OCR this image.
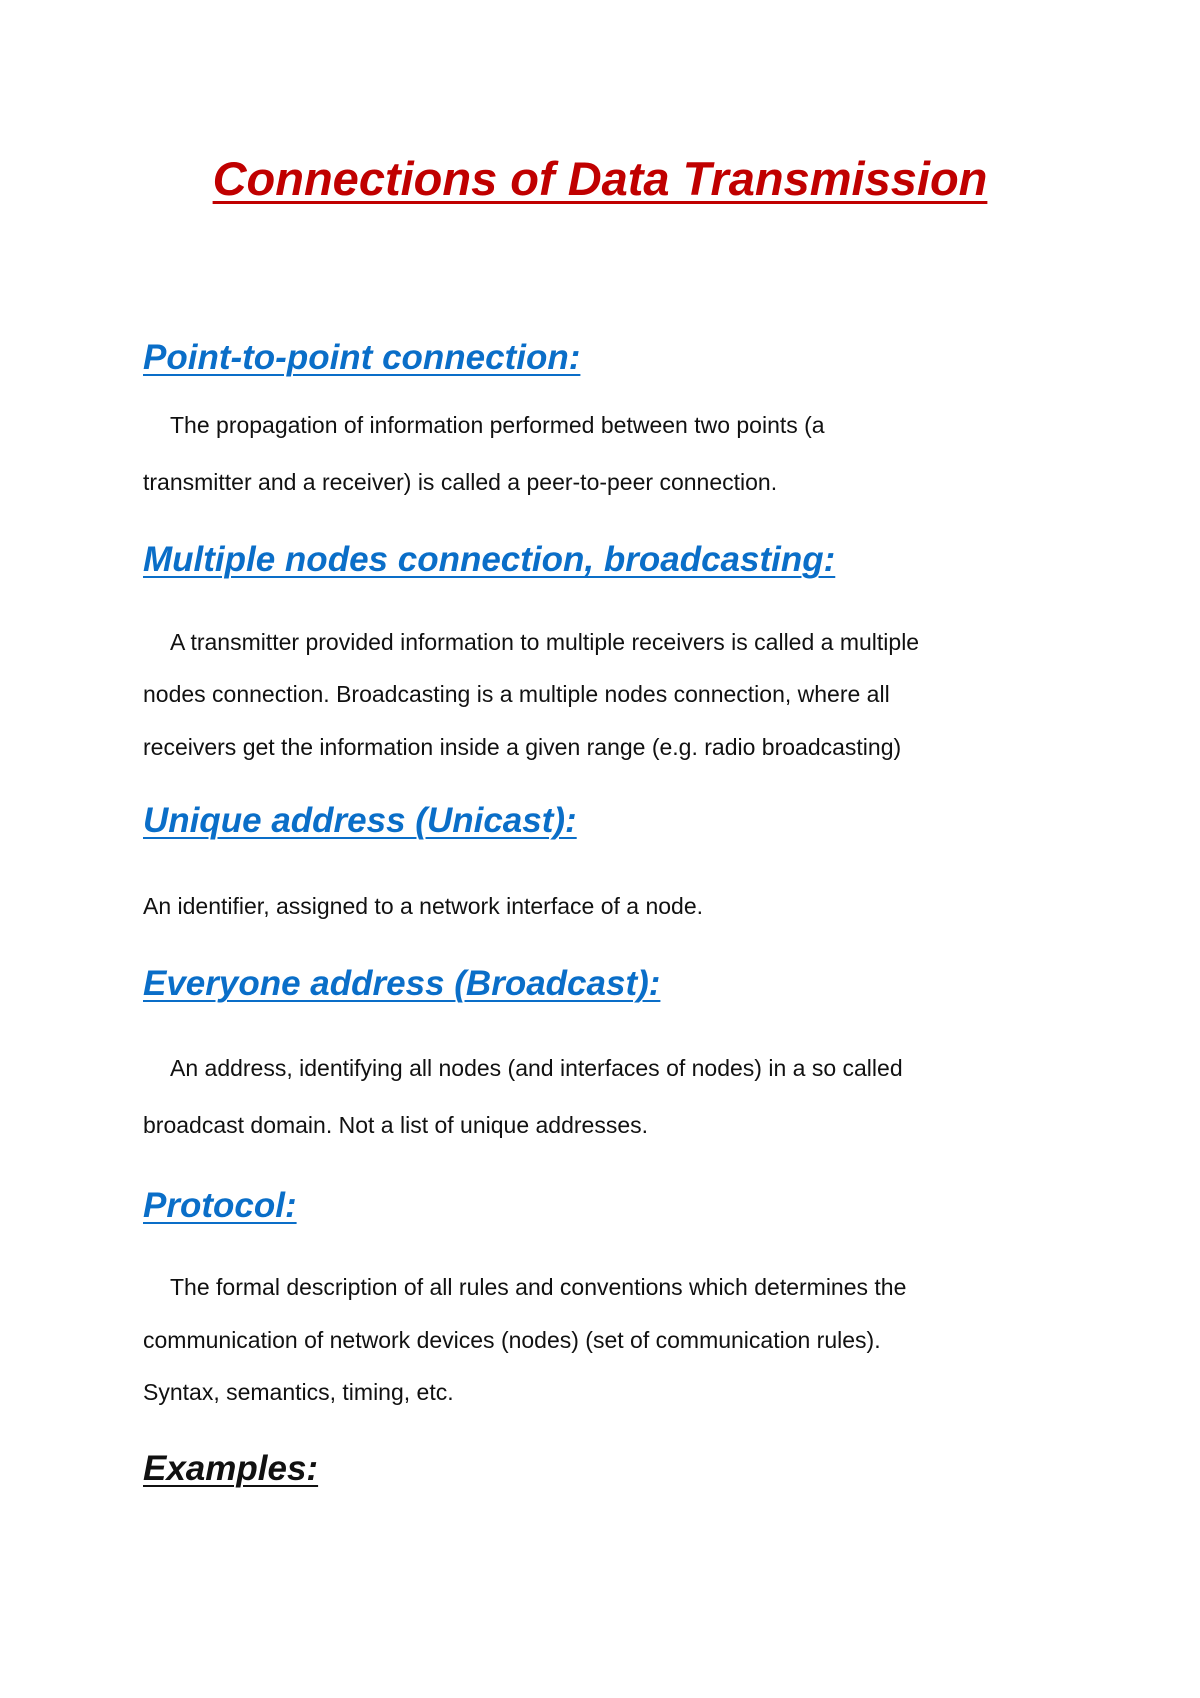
Connections of Data Transmission
Point-to-point connection:

The propagation of information performed between two points (a

transmitter and a receiver) is called a peer-to-peer connection.

Multiple nodes connection, broadcasting:

A transmitter provided information to multiple receivers is called a multiple

nodes connection. Broadcasting is a multiple nodes connection, where all

receivers get the information inside a given range (e.g. radio broadcasting)

Unique address (Unicast):

An identifier, assigned to a network interface of a node.

Everyone address (Broadcast):

An address, identifying all nodes (and interfaces of nodes) in a so called

broadcast domain. Not a list of unique addresses.

Protocol:

The formal description of all rules and conventions which determines the

communication of network devices (nodes) (set of communication rules).

Syntax, semantics, timing, etc.

Examples:
